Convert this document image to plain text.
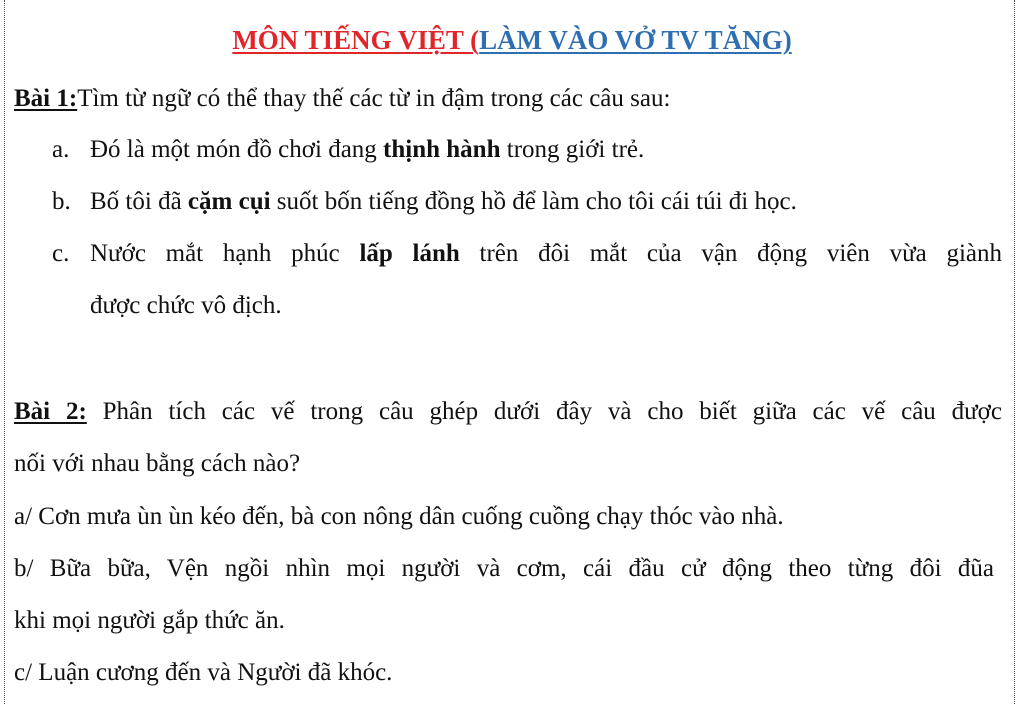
MÔN TIẾNG VIỆT (LÀM VÀO VỞ TV TĂNG)
Bài 1:Tìm từ ngữ có thể thay thế các từ in đậm trong các câu sau:
a. Đó là một món đồ chơi đang thịnh hành trong giới trẻ.
b. Bố tôi đã cặm cụi suốt bốn tiếng đồng hồ để làm cho tôi cái túi đi học.
c. Nước mắt hạnh phúc lấp lánh trên đôi mắt của vận động viên vừa giành
được chức vô địch.
Bài 2: Phân tích các vế trong câu ghép dưới đây và cho biết giữa các vế câu được
nối với nhau bằng cách nào?
a/ Cơn mưa ùn ùn kéo đến, bà con nông dân cuống cuồng chạy thóc vào nhà.
b/ Bữa bữa, Vện ngồi nhìn mọi người và cơm, cái đầu cử động theo từng đôi đũa
khi mọi người gắp thức ăn.
c/ Luận cương đến và Người đã khóc.
